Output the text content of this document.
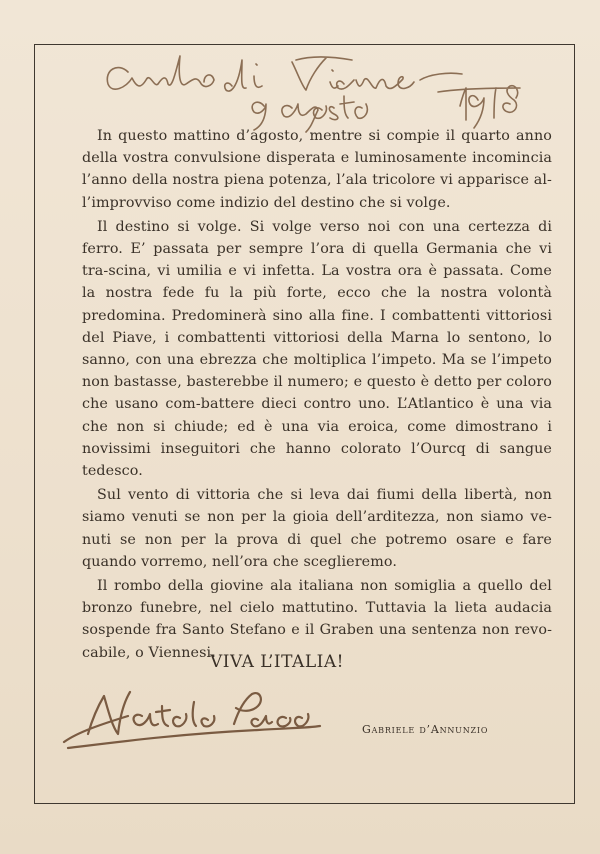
In questo mattino d’agosto, mentre si compie il quarto anno della vostra convulsione disperata e luminosamente incomincia l’anno della nostra piena potenza, l’ala tricolore vi apparisce al-l’improvviso come indizio del destino che si volge.

Il destino si volge. Si volge verso noi con una certezza di ferro. E’ passata per sempre l’ora di quella Germania che vi tra-scina, vi umilia e vi infetta. La vostra ora è passata. Come la nostra fede fu la più forte, ecco che la nostra volontà predomina. Predominerà sino alla fine. I combattenti vittoriosi del Piave, i combattenti vittoriosi della Marna lo sentono, lo sanno, con una ebrezza che moltiplica l’impeto. Ma se l’impeto non bastasse, basterebbe il numero; e questo è detto per coloro che usano com-battere dieci contro uno. L’Atlantico è una via che non si chiude; ed è una via eroica, come dimostrano i novissimi inseguitori che hanno colorato l’Ourcq di sangue tedesco.

Sul vento di vittoria che si leva dai fiumi della libertà, non siamo venuti se non per la gioia dell’arditezza, non siamo ve-nuti se non per la prova di quel che potremo osare e fare quando vorremo, nell’ora che sceglieremo.

Il rombo della giovine ala italiana non somiglia a quello del bronzo funebre, nel cielo mattutino. Tuttavia la lieta audacia sospende fra Santo Stefano e il Graben una sentenza non revo-cabile, o Viennesi.

VIVA L’ITALIA!
Gabriele d’Annunzio
